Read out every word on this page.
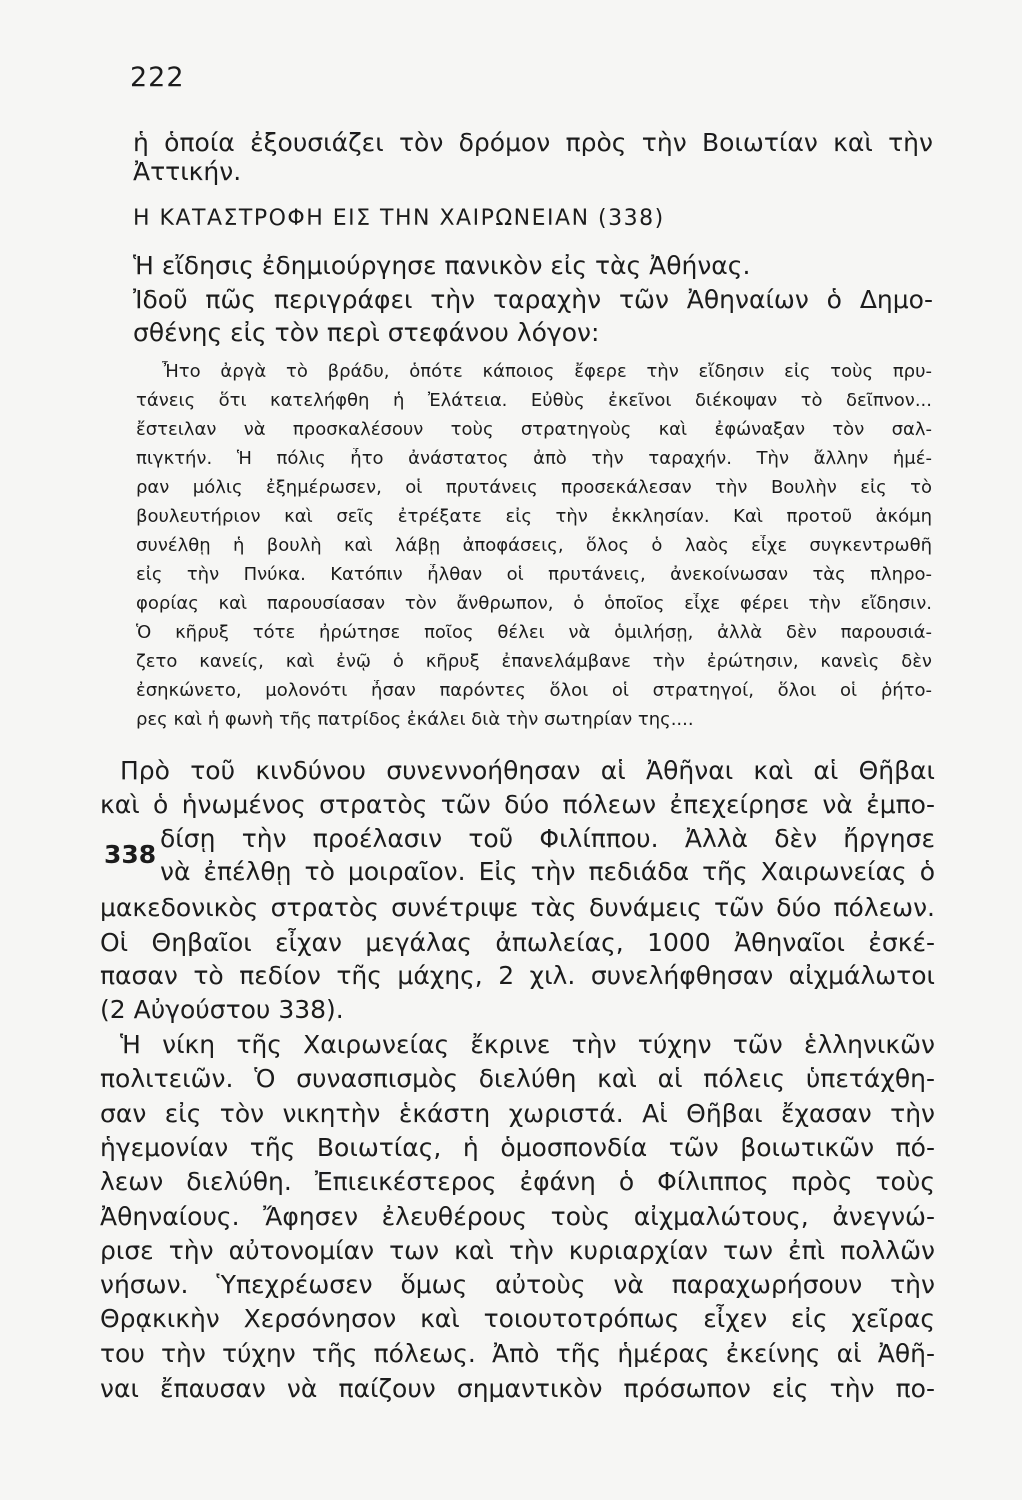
222
ἡ ὁποία ἐξουσιάζει τὸν δρόμον πρὸς τὴν Βοιωτίαν καὶ τὴν
Ἀττικήν.
Η ΚΑΤΑΣΤΡΟΦΗ ΕΙΣ ΤΗΝ ΧΑΙΡΩΝΕΙΑΝ (338)
Ἡ εἴδησις ἐδημιούργησε πανικὸν εἰς τὰς Ἀθήνας.
Ἰδοῦ πῶς περιγράφει τὴν ταραχὴν τῶν Ἀθηναίων ὁ Δημο-
σθένης εἰς τὸν περὶ στεφάνου λόγον:
Ἦτο ἀργὰ τὸ βράδυ, ὁπότε κάποιος ἔφερε τὴν εἴδησιν εἰς τοὺς πρυ-
τάνεις ὅτι κατελήφθη ἡ Ἐλάτεια. Εὐθὺς ἐκεῖνοι διέκοψαν τὸ δεῖπνον...
ἔστειλαν νὰ προσκαλέσουν τοὺς στρατηγοὺς καὶ ἐφώναξαν τὸν σαλ-
πιγκτήν. Ἡ πόλις ἦτο ἀνάστατος ἀπὸ τὴν ταραχήν. Τὴν ἄλλην ἡμέ-
ραν μόλις ἐξημέρωσεν, οἱ πρυτάνεις προσεκάλεσαν τὴν Βουλὴν εἰς τὸ
βουλευτήριον καὶ σεῖς ἐτρέξατε εἰς τὴν ἐκκλησίαν. Καὶ προτοῦ ἀκόμη
συνέλθῃ ἡ βουλὴ καὶ λάβῃ ἀποφάσεις, ὅλος ὁ λαὸς εἶχε συγκεντρωθῆ
εἰς τὴν Πνύκα. Κατόπιν ἦλθαν οἱ πρυτάνεις, ἀνεκοίνωσαν τὰς πληρο-
φορίας καὶ παρουσίασαν τὸν ἄνθρωπον, ὁ ὁποῖος εἶχε φέρει τὴν εἴδησιν.
Ὁ κῆρυξ τότε ἠρώτησε ποῖος θέλει νὰ ὁμιλήσῃ, ἀλλὰ δὲν παρουσιά-
ζετο κανείς, καὶ ἐνῷ ὁ κῆρυξ ἐπανελάμβανε τὴν ἐρώτησιν, κανεὶς δὲν
ἐσηκώνετο, μολονότι ἦσαν παρόντες ὅλοι οἱ στρατηγοί, ὅλοι οἱ ῥήτο-
ρες καὶ ἡ φωνὴ τῆς πατρίδος ἐκάλει διὰ τὴν σωτηρίαν της....
338
Πρὸ τοῦ κινδύνου συνεννοήθησαν αἱ Ἀθῆναι καὶ αἱ Θῆβαι
καὶ ὁ ἡνωμένος στρατὸς τῶν δύο πόλεων ἐπεχείρησε νὰ ἐμπο-
δίσῃ τὴν προέλασιν τοῦ Φιλίππου. Ἀλλὰ δὲν ἤργησε
νὰ ἐπέλθῃ τὸ μοιραῖον. Εἰς τὴν πεδιάδα τῆς Χαιρωνείας ὁ
μακεδονικὸς στρατὸς συνέτριψε τὰς δυνάμεις τῶν δύο πόλεων.
Οἱ Θηβαῖοι εἶχαν μεγάλας ἀπωλείας, 1000 Ἀθηναῖοι ἐσκέ-
πασαν τὸ πεδίον τῆς μάχης, 2 χιλ. συνελήφθησαν αἰχμάλωτοι
(2 Αὐγούστου 338).
Ἡ νίκη τῆς Χαιρωνείας ἔκρινε τὴν τύχην τῶν ἑλληνικῶν
πολιτειῶν. Ὁ συνασπισμὸς διελύθη καὶ αἱ πόλεις ὑπετάχθη-
σαν εἰς τὸν νικητὴν ἑκάστη χωριστά. Αἱ Θῆβαι ἔχασαν τὴν
ἡγεμονίαν τῆς Βοιωτίας, ἡ ὁμοσπονδία τῶν βοιωτικῶν πό-
λεων διελύθη. Ἐπιεικέστερος ἐφάνη ὁ Φίλιππος πρὸς τοὺς
Ἀθηναίους. Ἄφησεν ἐλευθέρους τοὺς αἰχμαλώτους, ἀνεγνώ-
ρισε τὴν αὐτονομίαν των καὶ τὴν κυριαρχίαν των ἐπὶ πολλῶν
νήσων. Ὑπεχρέωσεν ὅμως αὐτοὺς νὰ παραχωρήσουν τὴν
Θρᾳκικὴν Χερσόνησον καὶ τοιουτοτρόπως εἶχεν εἰς χεῖρας
του τὴν τύχην τῆς πόλεως. Ἀπὸ τῆς ἡμέρας ἐκείνης αἱ Ἀθῆ-
ναι ἔπαυσαν νὰ παίζουν σημαντικὸν πρόσωπον εἰς τὴν πο-
